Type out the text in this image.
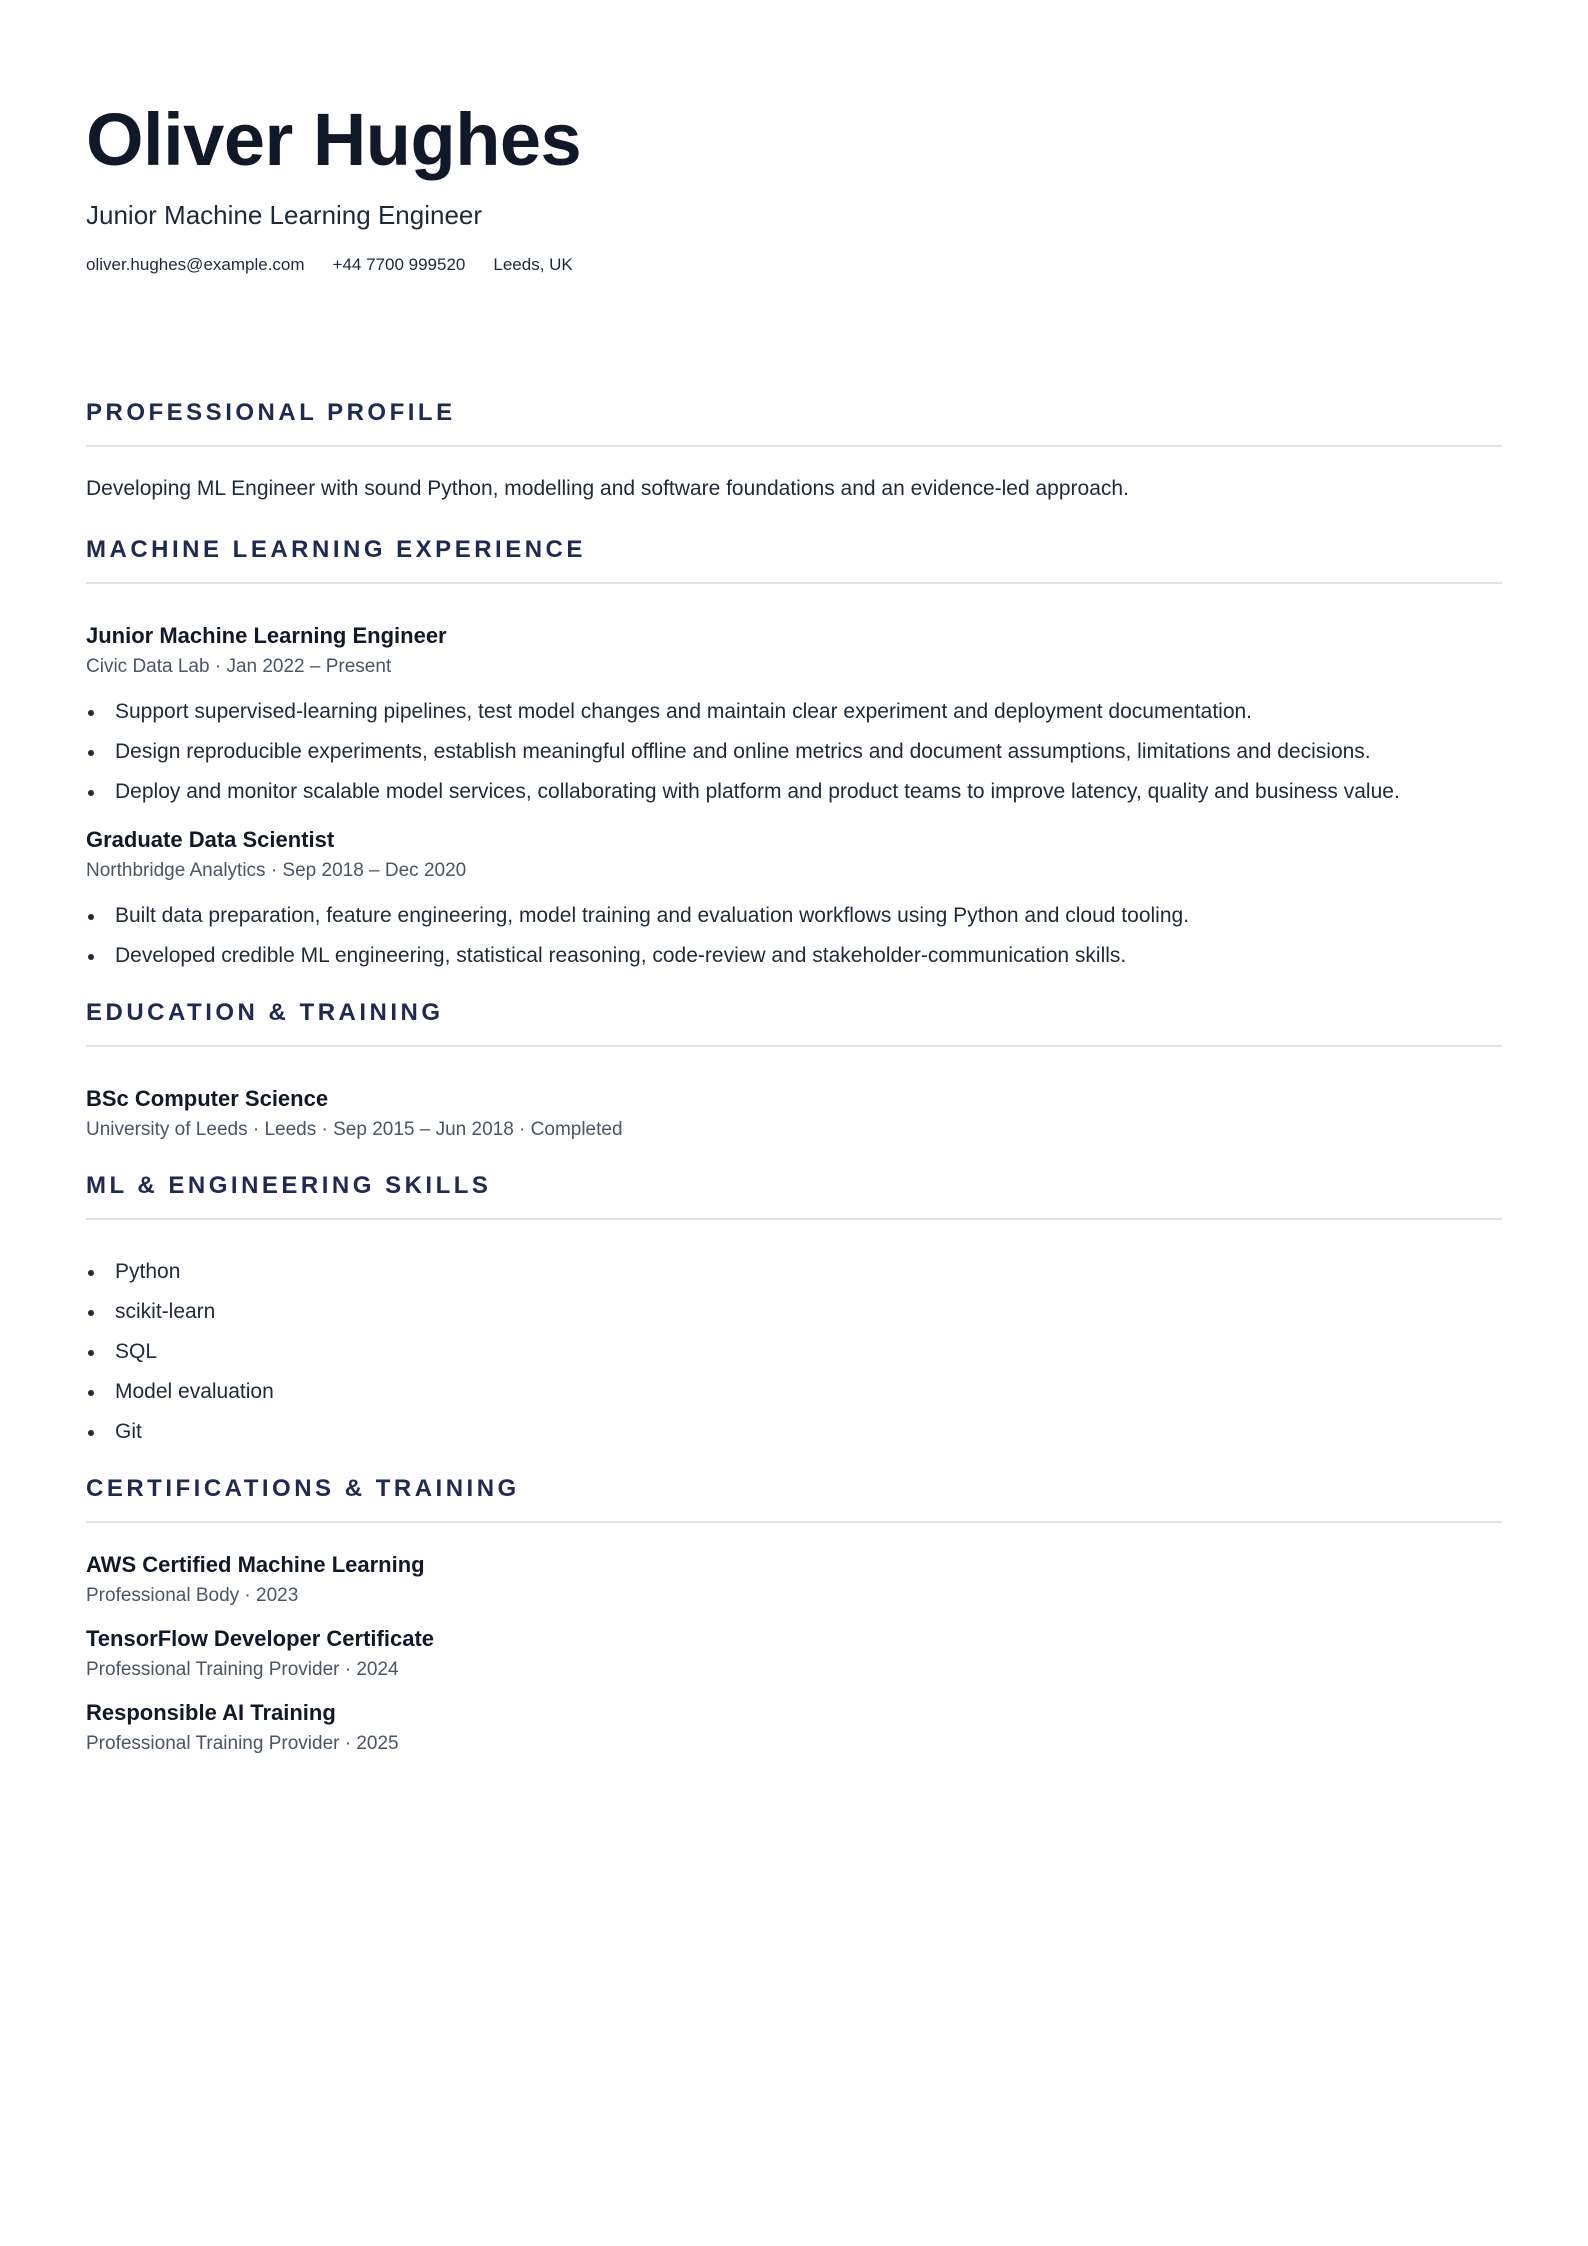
Oliver Hughes
Junior Machine Learning Engineer
oliver.hughes@example.com +44 7700 999520 Leeds, UK
PROFESSIONAL PROFILE

Developing ML Engineer with sound Python, modelling and software foundations and an evidence-led approach.

MACHINE LEARNING EXPERIENCE
Junior Machine Learning Engineer
Civic Data Lab · Jan 2022 – Present
Support supervised-learning pipelines, test model changes and maintain clear experiment and deployment documentation.
Design reproducible experiments, establish meaningful offline and online metrics and document assumptions, limitations and decisions.
Deploy and monitor scalable model services, collaborating with platform and product teams to improve latency, quality and business value.
Graduate Data Scientist
Northbridge Analytics · Sep 2018 – Dec 2020
Built data preparation, feature engineering, model training and evaluation workflows using Python and cloud tooling.
Developed credible ML engineering, statistical reasoning, code-review and stakeholder-communication skills.
EDUCATION & TRAINING
BSc Computer Science
University of Leeds · Leeds · Sep 2015 – Jun 2018 · Completed
ML & ENGINEERING SKILLS
Python
scikit-learn
SQL
Model evaluation
Git
CERTIFICATIONS & TRAINING
AWS Certified Machine Learning
Professional Body · 2023
TensorFlow Developer Certificate
Professional Training Provider · 2024
Responsible AI Training
Professional Training Provider · 2025
